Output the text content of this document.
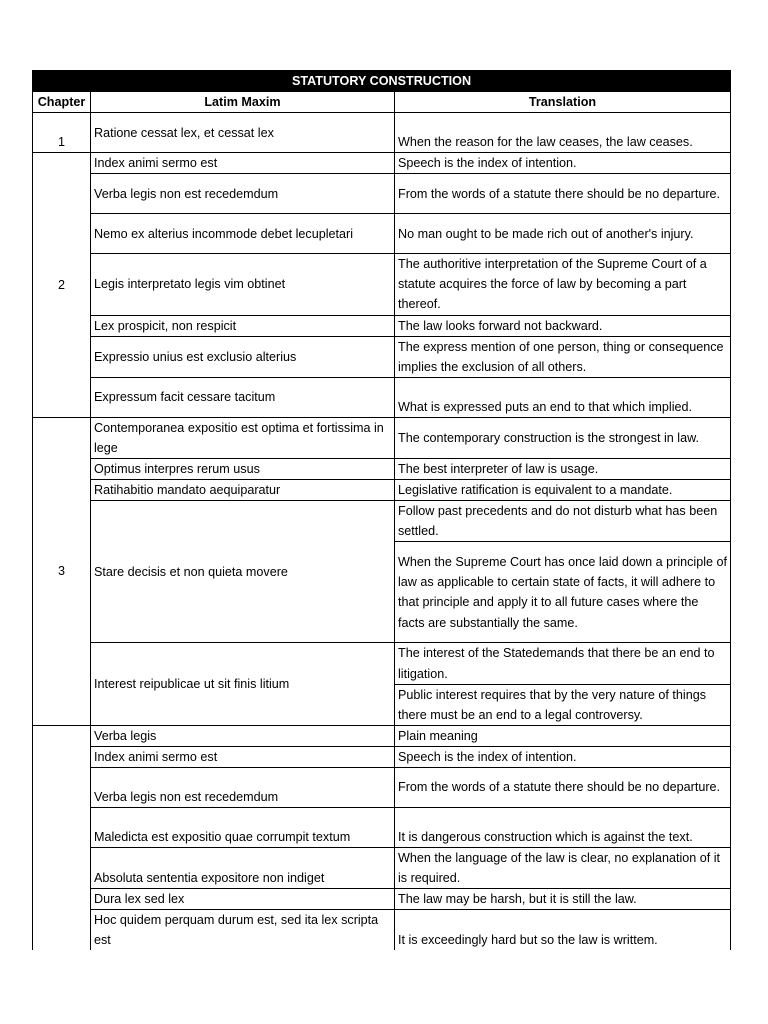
STATUTORY CONSTRUCTION		
Chapter	Latim Maxim	Translation
1	Ratione cessat lex, et cessat lex	When the reason for the law ceases, the law ceases.
2	Index animi sermo est	Speech is the index of intention.
	Verba legis non est recedemdum	From the words of a statute there should be no departure.
	Nemo ex alterius incommode debet lecupletari	No man ought to be made rich out of another's injury.
	Legis interpretato legis vim obtinet	The authoritive interpretation of the Supreme Court of a statute acquires the force of law by becoming a part thereof.
	Lex prospicit, non respicit	The law looks forward not backward.
	Expressio unius est exclusio alterius	The express mention of one person, thing or consequence implies the exclusion of all others.
	Expressum facit cessare tacitum	What is expressed puts an end to that which implied.
3	Contemporanea expositio est optima et fortissima in lege	The contemporary construction is the strongest in law.
	Optimus interpres rerum usus	The best interpreter of law is usage.
	Ratihabitio mandato aequiparatur	Legislative ratification is equivalent to a mandate.
	Stare decisis et non quieta movere	Follow past precedents and do not disturb what has been settled.
		When the Supreme Court has once laid down a principle of law as applicable to certain state of facts, it will adhere to that principle and apply it to all future cases where the facts are substantially the same.
	Interest reipublicae ut sit finis litium	The interest of the Statedemands that there be an end to litigation.
		Public interest requires that by the very nature of things there must be an end to a legal controversy.
	Verba legis	Plain meaning
	Index animi sermo est	Speech is the index of intention.
	Verba legis non est recedemdum	From the words of a statute there should be no departure.
	Maledicta est expositio quae corrumpit textum	It is dangerous construction which is against the text.
	Absoluta sententia expositore non indiget	When the language of the law is clear, no explanation of it is required.
	Dura lex sed lex	The law may be harsh, but it is still the law.
	Hoc quidem perquam durum est, sed ita lex scripta est	It is exceedingly hard but so the law is writtem.
